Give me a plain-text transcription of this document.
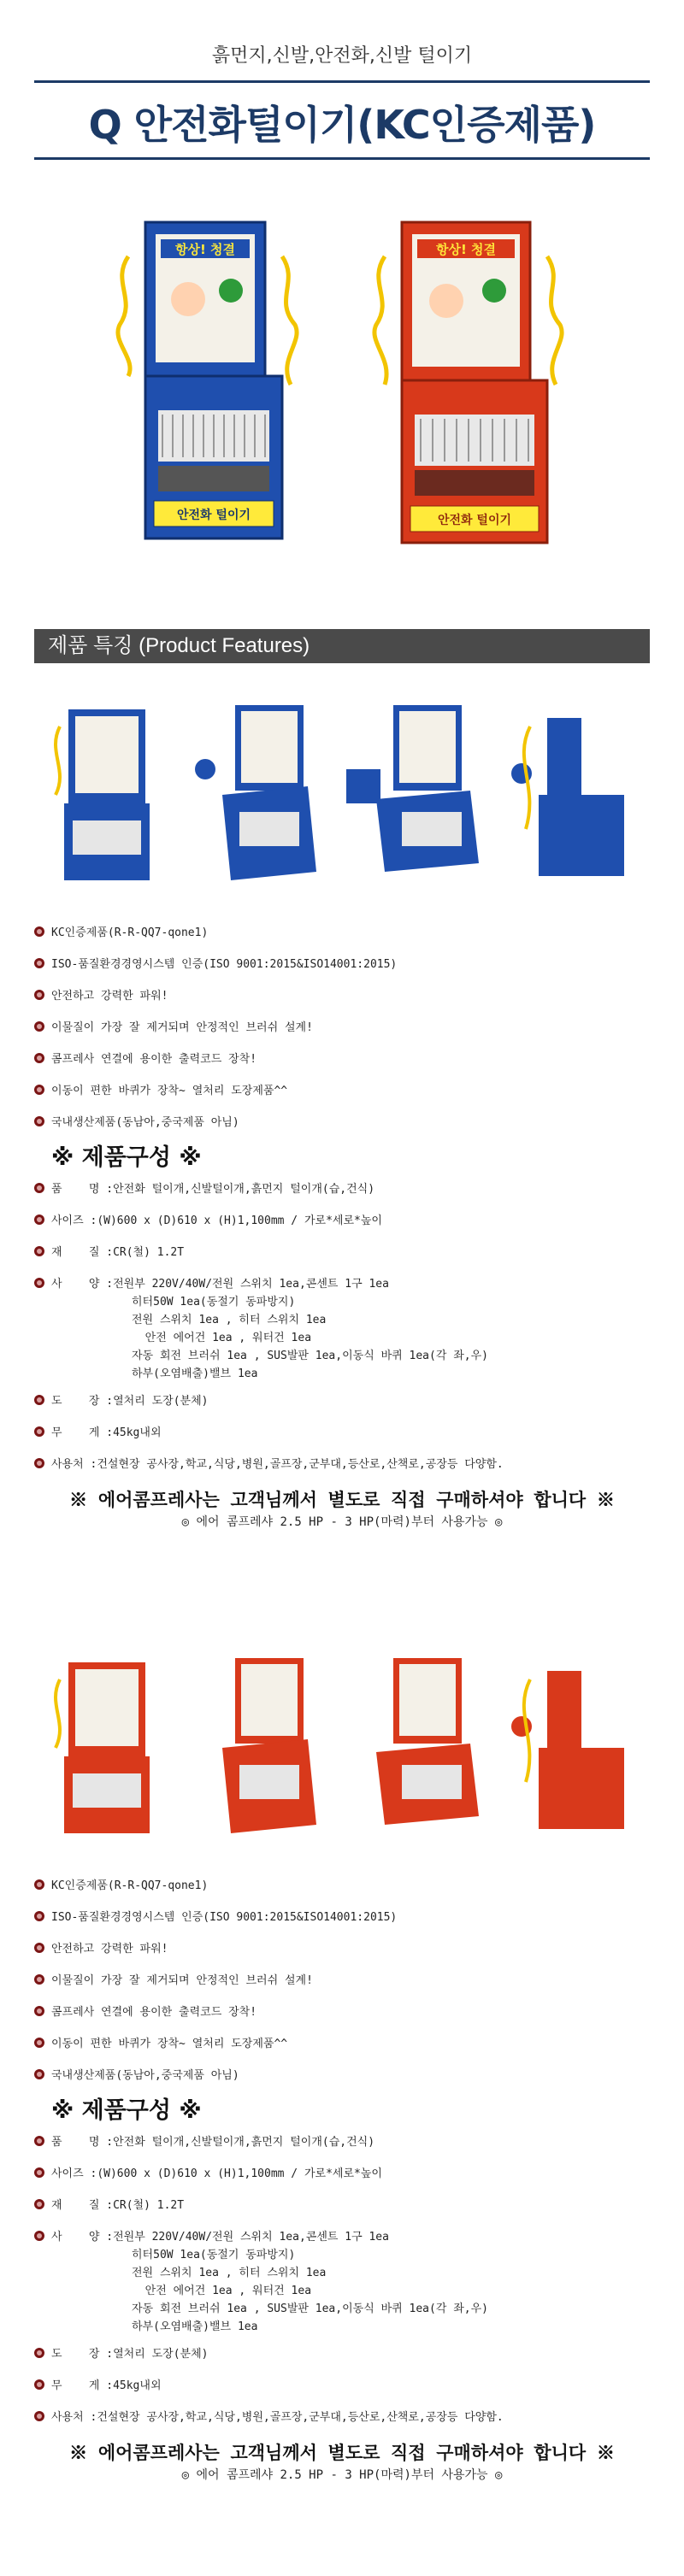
흙먼지,신발,안전화,신발 털이기
Q 안전화털이기(KC인증제품)
항상! 청결
안전화 털이기
항상! 청결
안전화 털이기
제품 특징 (Product Features)
KC인증제품(R-R-QQ7-qone1)
ISO-품질환경경영시스템 인증(ISO 9001:2015&ISO14001:2015)
안전하고 강력한 파워!
이물질이 가장 잘 제거되며 안정적인 브러쉬 설계!
콤프레사 연결에 용이한 출력코드 장착!
이동이 편한 바퀴가 장착~ 열처리 도장제품^^
국내생산제품(동남아,중국제품 아님)
※ 제품구성 ※
품    명 :안전화 털이개,신발털이개,흙먼지 털이개(습,건식)
사이즈 :(W)600 x (D)610 x (H)1,100mm / 가로*세로*높이
재    질 :CR(철) 1.2T
사    양 :전원부 220V/40W/전원 스위치 1ea,콘센트 1구 1ea
히터50W 1ea(동절기 동파방지)
전원 스위치 1ea , 히터 스위치 1ea
안전 에어건 1ea , 워터건 1ea
자동 회전 브러쉬 1ea , SUS발판 1ea,이동식 바퀴 1ea(각 좌,우)
하부(오염배출)밸브 1ea
도    장 :열처리 도장(분체)
무    게 :45kg내외
사용처 :건설현장 공사장,학교,식당,병원,골프장,군부대,등산로,산책로,공장등 다양함.
※ 에어콤프레사는 고객님께서 별도로 직접 구매하셔야 합니다 ※
◎ 에어 콤프레샤 2.5 HP - 3 HP(마력)부터 사용가능 ◎
KC인증제품(R-R-QQ7-qone1)
ISO-품질환경경영시스템 인증(ISO 9001:2015&ISO14001:2015)
안전하고 강력한 파워!
이물질이 가장 잘 제거되며 안정적인 브러쉬 설계!
콤프레사 연결에 용이한 출력코드 장착!
이동이 편한 바퀴가 장착~ 열처리 도장제품^^
국내생산제품(동남아,중국제품 아님)
※ 제품구성 ※
품    명 :안전화 털이개,신발털이개,흙먼지 털이개(습,건식)
사이즈 :(W)600 x (D)610 x (H)1,100mm / 가로*세로*높이
재    질 :CR(철) 1.2T
사    양 :전원부 220V/40W/전원 스위치 1ea,콘센트 1구 1ea
히터50W 1ea(동절기 동파방지)
전원 스위치 1ea , 히터 스위치 1ea
안전 에어건 1ea , 워터건 1ea
자동 회전 브러쉬 1ea , SUS발판 1ea,이동식 바퀴 1ea(각 좌,우)
하부(오염배출)밸브 1ea
도    장 :열처리 도장(분체)
무    게 :45kg내외
사용처 :건설현장 공사장,학교,식당,병원,골프장,군부대,등산로,산책로,공장등 다양함.
※ 에어콤프레사는 고객님께서 별도로 직접 구매하셔야 합니다 ※
◎ 에어 콤프레샤 2.5 HP - 3 HP(마력)부터 사용가능 ◎
